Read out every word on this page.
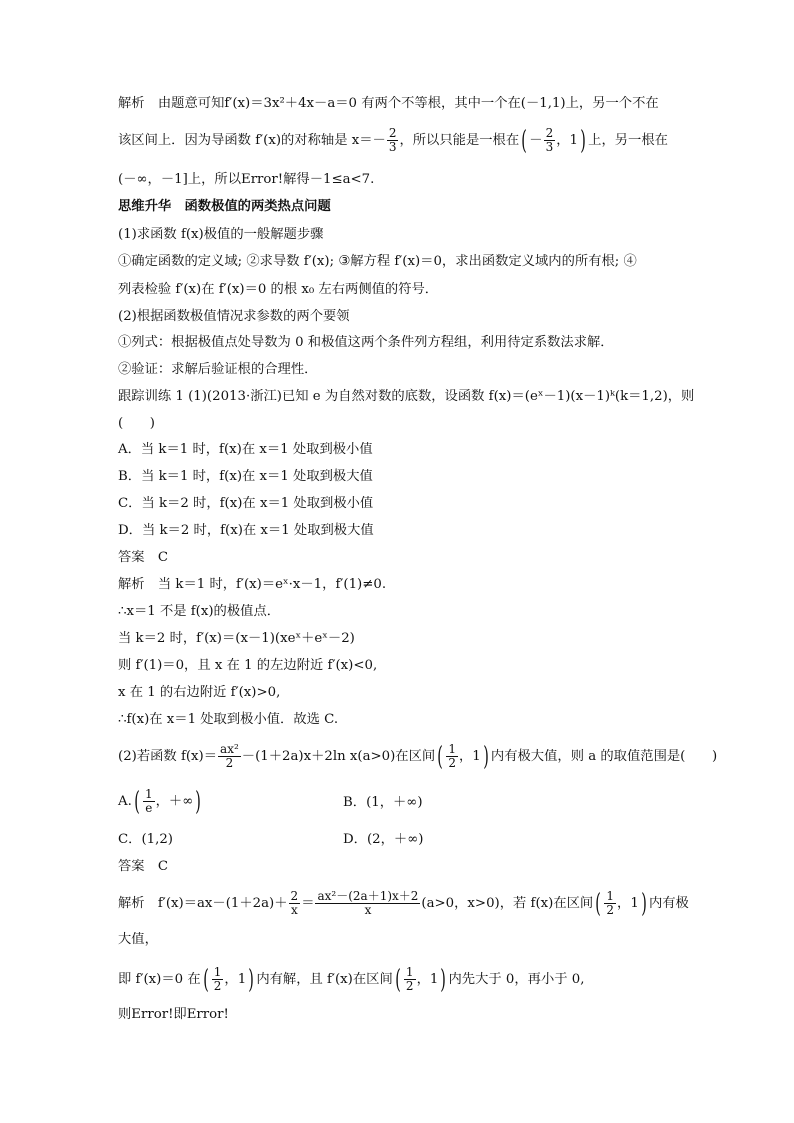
解析　由题意可知f′(x)＝3x²＋4x－a＝0 有两个不等根，其中一个在(－1,1)上，另一个不在
该区间上．因为导函数 f′(x)的对称轴是 $x=- \frac{2}{3}$ ，所以只能是一根在( － $\frac{2}{3}$ ，1) 上，另一根在
(－∞，－1]上，所以Error!解得－1≤a<7.
思维升华　函数极值的两类热点问题
(1)求函数 f(x)极值的一般解题步骤
①确定函数的定义域; ②求导数 f′(x); ③解方程 f′(x)＝0，求出函数定义域内的所有根; ④
列表检验 f′(x)在 f′(x)＝0 的根 x₀ 左右两侧值的符号．
(2)根据函数极值情况求参数的两个要领
①列式：根据极值点处导数为 0 和极值这两个条件列方程组，利用待定系数法求解．
②验证：求解后验证根的合理性．
跟踪训练 1 (1)(2013·浙江)已知 e 为自然对数的底数，设函数 f(x)＝(eˣ－1)(x－1)ᵏ(k＝1,2)，则
(　　)
A．当 k＝1 时，f(x)在 x＝1 处取到极小值
B．当 k＝1 时，f(x)在 x＝1 处取到极大值
C．当 k＝2 时，f(x)在 x＝1 处取到极小值
D．当 k＝2 时，f(x)在 x＝1 处取到极大值
答案　C
解析　当 k＝1 时，f′(x)＝eˣ·x－1，f′(1)≠0.
∴x＝1 不是 f(x)的极值点．
当 k＝2 时，f′(x)＝(x－1)(xeˣ＋eˣ－2)
则 f′(1)＝0，且 x 在 1 的左边附近 f′(x)<0,
x 在 1 的右边附近 f′(x)>0,
∴f(x)在 x＝1 处取到极小值．故选 C.
(2)若函数 $f(x)= \frac{\text{ax²}}{2} -(1+2a)x+2\ln$ x(a>0)在区间( $\frac{1}{2}$ ，1) 内有极大值，则 a 的取值范围是(　　)
$A.( \frac{1}{e}$ ，＋∞)	B．(1，＋∞)
C．(1,2)	D．(2，＋∞)
答案　C
解析　$f'(x)=ax-(1+2a)+ \frac{2}{x} = \frac{\text{ax²－(2a＋1)x＋2}}{x} (a>0$，x>0)，若 f(x)在区间( $\frac{1}{2}$ ，1) 内有极
大值，
即 f′(x)＝0 在( $\frac{1}{2}$ ，1) 内有解，且 f′(x)在区间( $\frac{1}{2}$ ，1) 内先大于 0，再小于 0,
则Error!即Error!
